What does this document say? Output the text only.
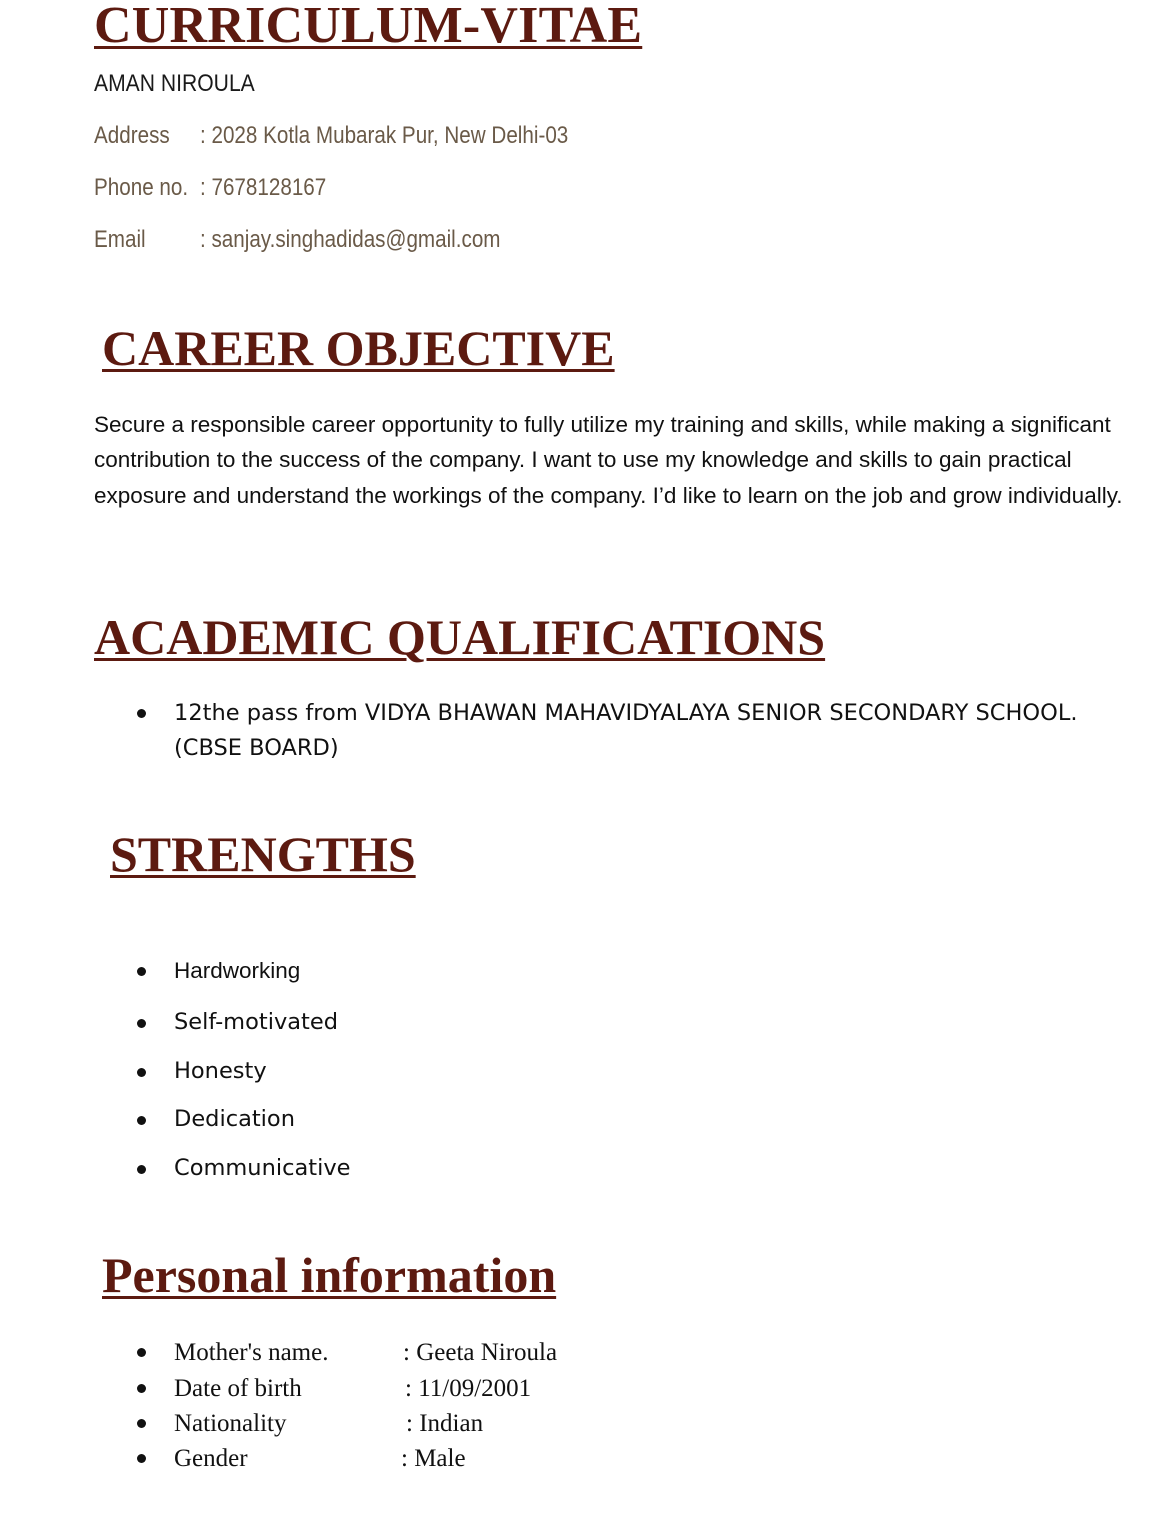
CURRICULUM-VITAE
AMAN NIROULA
Address : 2028 Kotla Mubarak Pur, New Delhi-03
Phone no. : 7678128167
Email : sanjay.singhadidas@gmail.com
CAREER OBJECTIVE

Secure a responsible career opportunity to fully utilize my training and skills, while making a significant contribution to the success of the company. I want to use my knowledge and skills to gain practical exposure and understand the workings of the company. I’d like to learn on the job and grow individually.

ACADEMIC QUALIFICATIONS
12the pass from VIDYA BHAWAN MAHAVIDYALAYA SENIOR SECONDARY SCHOOL.
(CBSE BOARD)
STRENGTHS
Hardworking
Self-motivated
Honesty
Dedication
Communicative
Personal information
Mother's name.	: Geeta Niroula
Date of birth	: 11/09/2001
Nationality	: Indian
Gender	: Male
